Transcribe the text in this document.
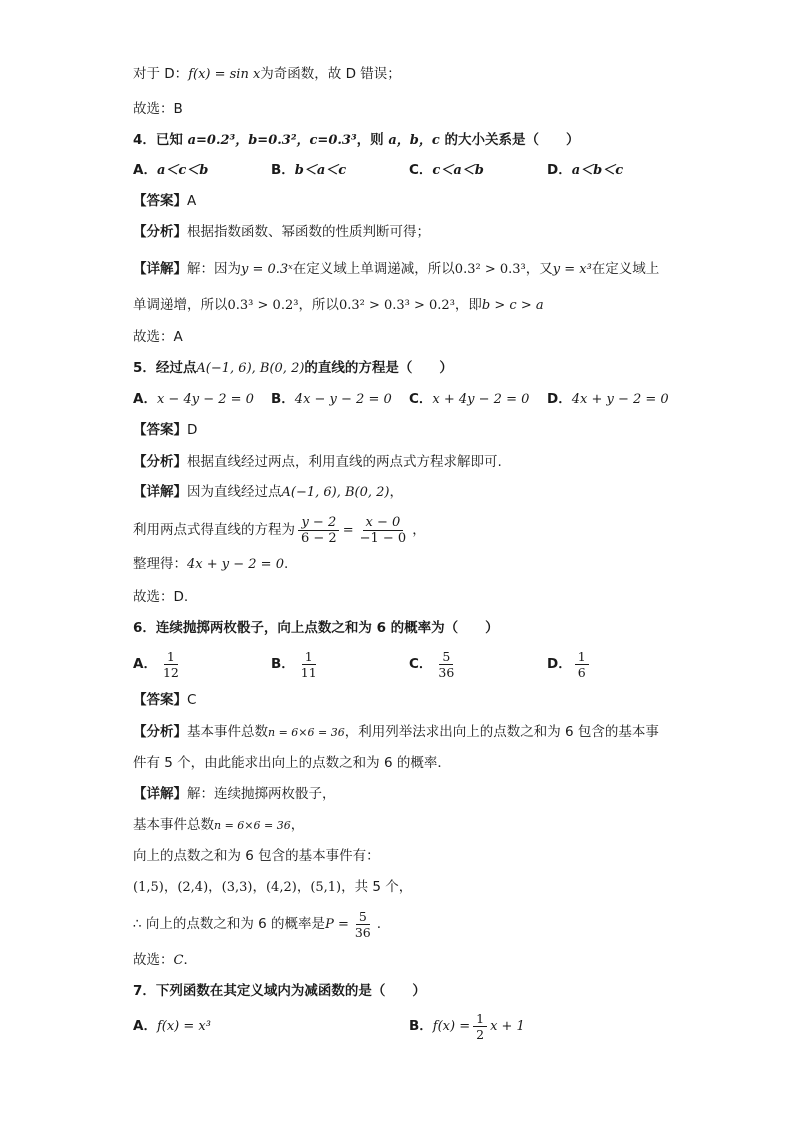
对于 D：f(x) = sin x为奇函数，故 D 错误；
故选：B
4．已知 a=0.2³，b=0.3²，c=0.3³，则 a，b，c 的大小关系是（　　）
A．a＜c＜b	B．b＜a＜c	C．c＜a＜b	D．a＜b＜c
【答案】A
【分析】根据指数函数、幂函数的性质判断可得；
【详解】解：因为y = 0.3ˣ在定义域上单调递减，所以0.3² > 0.3³，又y = x³在定义域上
单调递增，所以0.3³ > 0.2³，所以0.3² > 0.3³ > 0.2³，即b > c > a
故选：A
5．经过点A(−1, 6), B(0, 2)的直线的方程是（　　）
A．x − 4y − 2 = 0 B．4x − y − 2 = 0 C．x + 4y − 2 = 0 D．4x + y − 2 = 0
【答案】D
【分析】根据直线经过两点，利用直线的两点式方程求解即可.
【详解】因为直线经过点A(−1, 6), B(0, 2)，
利用两点式得直线的方程为 $\frac{y - 2}{6 - 2} = \frac{x - 0}{-1 - 0}$ ，
整理得：4x + y − 2 = 0.
故选：D.
6．连续抛掷两枚骰子，向上点数之和为 6 的概率为（　　）
A． $\frac{1}{12}$	B． $\frac{1}{11}$	C． $\frac{5}{36}$	D． $\frac{1}{6}$
【答案】C
【分析】基本事件总数n = 6×6 = 36，利用列举法求出向上的点数之和为 6 包含的基本事
件有 5 个，由此能求出向上的点数之和为 6 的概率．
【详解】解：连续抛掷两枚骰子，
基本事件总数n = 6×6 = 36，
向上的点数之和为 6 包含的基本事件有：
(1,5)，(2,4)，(3,3)，(4,2)，(5,1)，共 5 个，
∴ 向上的点数之和为 6 的概率是$P = \frac{5}{36}$ .
故选：C．
7．下列函数在其定义域内为减函数的是（　　）
A．f(x) = x³	B．$f(x) = \frac{1}{2}$ x + 1
